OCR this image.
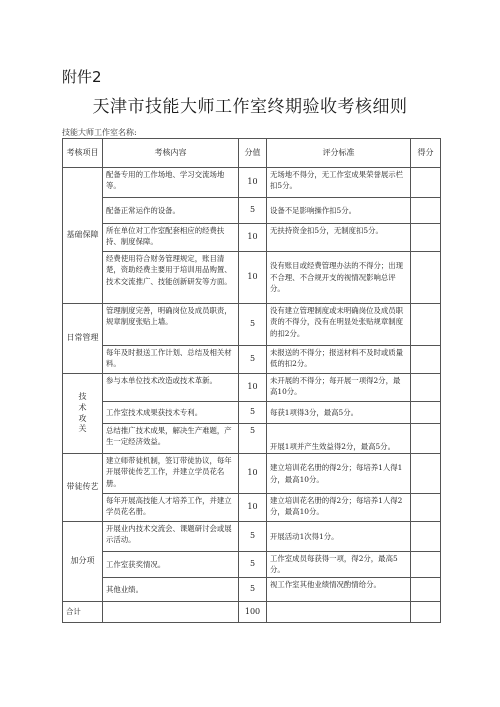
附件2
天津市技能大师工作室终期验收考核细则
技能大师工作室名称:
考核项目	考核内容	分值	评分标准	得分
基础保障	配备专用的工作场地、学习交流场地等。	10	无场地不得分，无工作室成果荣誉展示栏扣5分。	
	配备正常运作的设备。	5	设备不足影响操作扣5分。	
	所在单位对工作室配套相应的经费扶持、制度保障。	10	无扶持资金扣5分，无制度扣5分。	
	经费使用符合财务管理规定，账目清楚，资助经费主要用于培训用品购置、技术交流推广、技能创新研发等方面。	10	没有账目或经费管理办法的不得分；出现不合理、不合规开支的视情况影响总评分。	
日常管理	管理制度完善，明确岗位及成员职责，规章制度张贴上墙。	5	没有建立管理制度或未明确岗位及成员职责的不得分，没有在明显处张贴规章制度的扣2分。	
	每年及时报送工作计划、总结及相关材料。	5	未报送的不得分；报送材料不及时或质量低的扣2分。	
技术攻关	参与本单位技术改造或技术革新。	10	未开展的不得分；每开展一项得2分，最高10分。	
	工作室技术成果获技术专利。	5	每获1项得3分，最高5分。	
	总结推广技术成果，解决生产难题，产生一定经济效益。	5	开展1项并产生效益得2分，最高5分。	
带徒传艺	建立师带徒机制，签订带徒协议，每年开展带徒传艺工作，并建立学员花名册。	10	建立培训花名册的得2分；每培养1人得1分，最高10分。	
	每年开展高技能人才培养工作，并建立学员花名册。	10	建立培训花名册的得2分；每培养1人得2分，最高10分。	
加分项	开展业内技术交流会、课题研讨会或展示活动。	5	开展活动1次得1分。	
	工作室获奖情况。	5	工作室成员每获得一项，得2分，最高5分。	
	其他业绩。	5	视工作室其他业绩情况酌情给分。	
合计		100		
